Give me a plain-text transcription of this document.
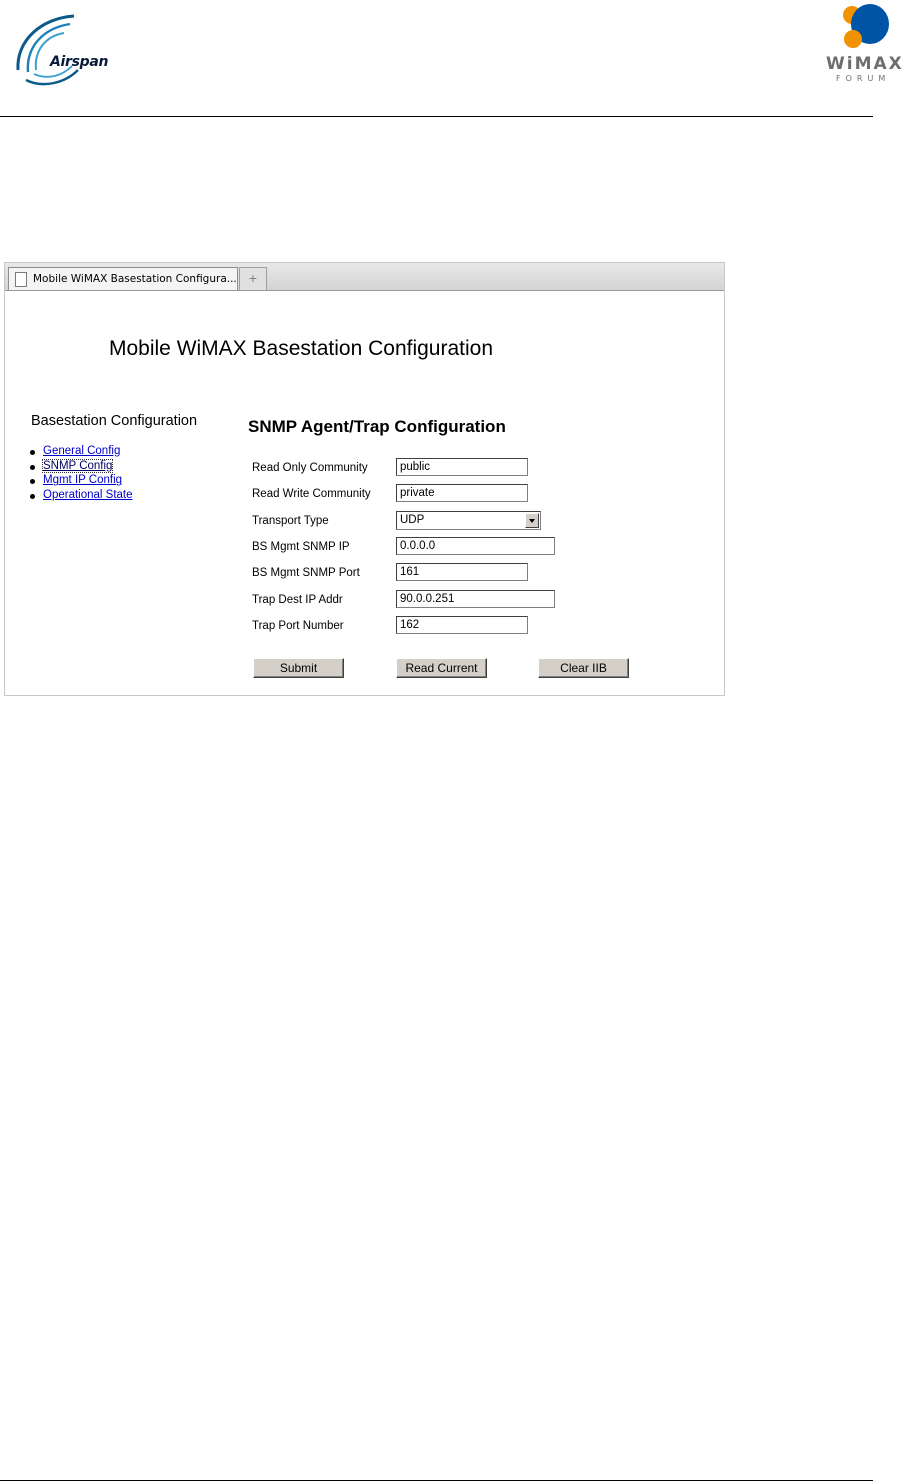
Airspan	WiMAX
FORUM
Mobile WiMAX Basestation Configura...	+
Mobile WiMAX Basestation Configuration
Basestation Configuration
General Config
SNMP Config
Mgmt IP Config
Operational State
SNMP Agent/Trap Configuration
Read Only Community	public
Read Write Community	private
Transport Type	UDP
BS Mgmt SNMP IP	0.0.0.0
BS Mgmt SNMP Port	161
Trap Dest IP Addr	90.0.0.251
Trap Port Number	162
Submit	Read Current	Clear IIB
